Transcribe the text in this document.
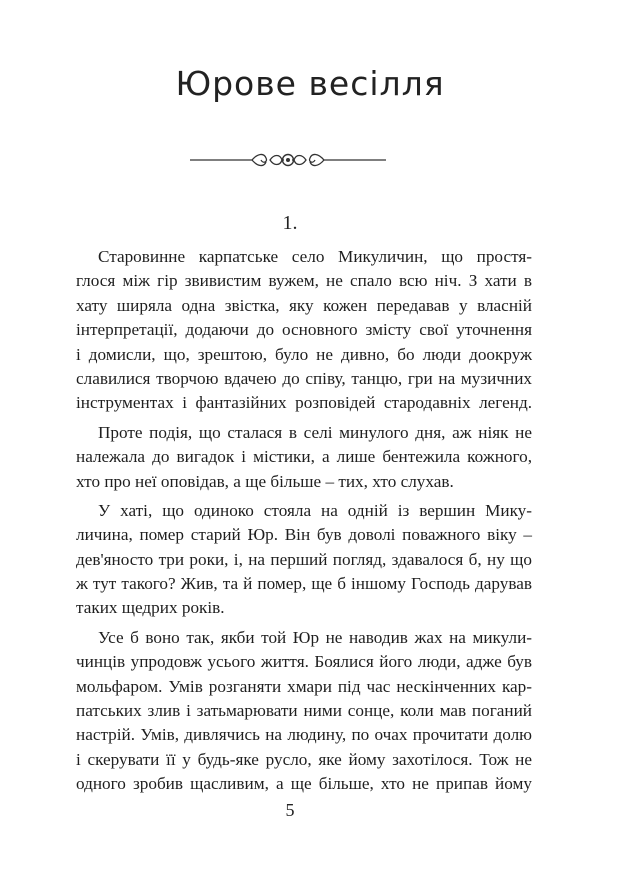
Юрове весілля
1.
Старовинне карпатське село Микуличин, що простя-
глося між гір звивистим вужем, не спало всю ніч. З хати в
хату ширяла одна звістка, яку кожен передавав у власній
інтерпретації, додаючи до основного змісту свої уточнення
і домисли, що, зрештою, було не дивно, бо люди доокруж
славилися творчою вдачею до співу, танцю, гри на музичних
інструментах і фантазійних розповідей стародавніх легенд.
Проте подія, що сталася в селі минулого дня, аж ніяк не
належала до вигадок і містики, а лише бентежила кожного,
хто про неї оповідав, а ще більше – тих, хто слухав.
У хаті, що одиноко стояла на одній із вершин Мику-
личина, помер старий Юр. Він був доволі поважного віку –
дев'яносто три роки, і, на перший погляд, здавалося б, ну що
ж тут такого? Жив, та й помер, ще б іншому Господь дарував
таких щедрих років.
Усе б воно так, якби той Юр не наводив жах на микули-
чинців упродовж усього життя. Боялися його люди, адже був
мольфаром. Умів розганяти хмари під час нескінченних кар-
патських злив і затьмарювати ними сонце, коли мав поганий
настрій. Умів, дивлячись на людину, по очах прочитати долю
і скерувати її у будь-яке русло, яке йому захотілося. Тож не
одного зробив щасливим, а ще більше, хто не припав йому
5
